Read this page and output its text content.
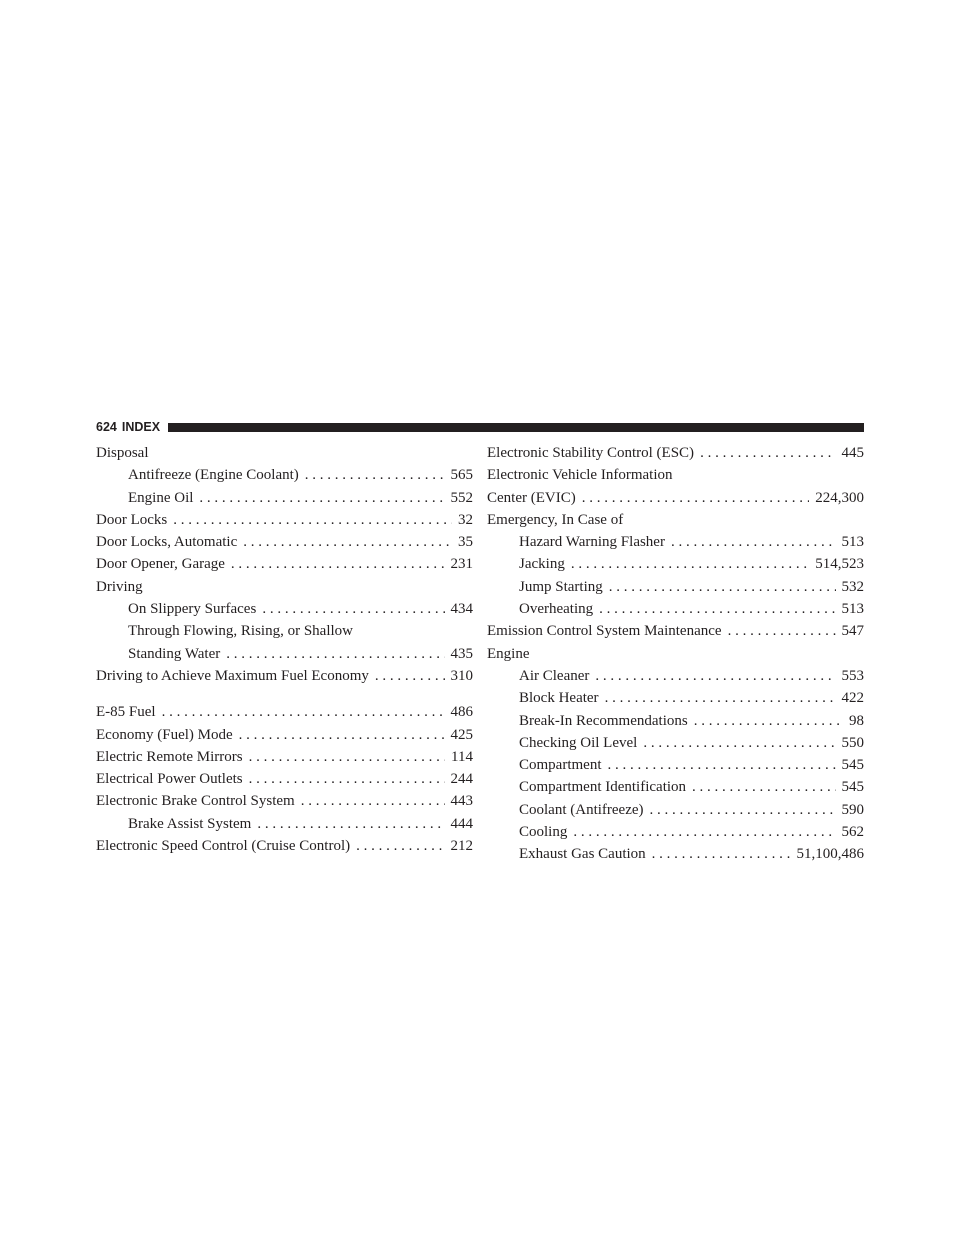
624 INDEX
Disposal
Antifreeze (Engine Coolant) . . .	565
Engine Oil . . .	552
Door Locks . . .	32
Door Locks, Automatic . . .	35
Door Opener, Garage . . .	231
Driving
On Slippery Surfaces . . .	434
Through Flowing, Rising, or Shallow
Standing Water . . .	435
Driving to Achieve Maximum Fuel Economy . . .	310
E-85 Fuel . . .	486
Economy (Fuel) Mode . . .	425
Electric Remote Mirrors . . .	114
Electrical Power Outlets . . .	244
Electronic Brake Control System . . .	443
Brake Assist System . . .	444
Electronic Speed Control (Cruise Control) . . .	212
Electronic Stability Control (ESC) . . .	445
Electronic Vehicle Information
Center (EVIC) . . .	224,300
Emergency, In Case of
Hazard Warning Flasher . . .	513
Jacking . . .	514,523
Jump Starting . . .	532
Overheating . . .	513
Emission Control System Maintenance . . .	547
Engine
Air Cleaner . . .	553
Block Heater . . .	422
Break-In Recommendations . . .	98
Checking Oil Level . . .	550
Compartment . . .	545
Compartment Identification . . .	545
Coolant (Antifreeze) . . .	590
Cooling . . .	562
Exhaust Gas Caution . . .	51,100,486
